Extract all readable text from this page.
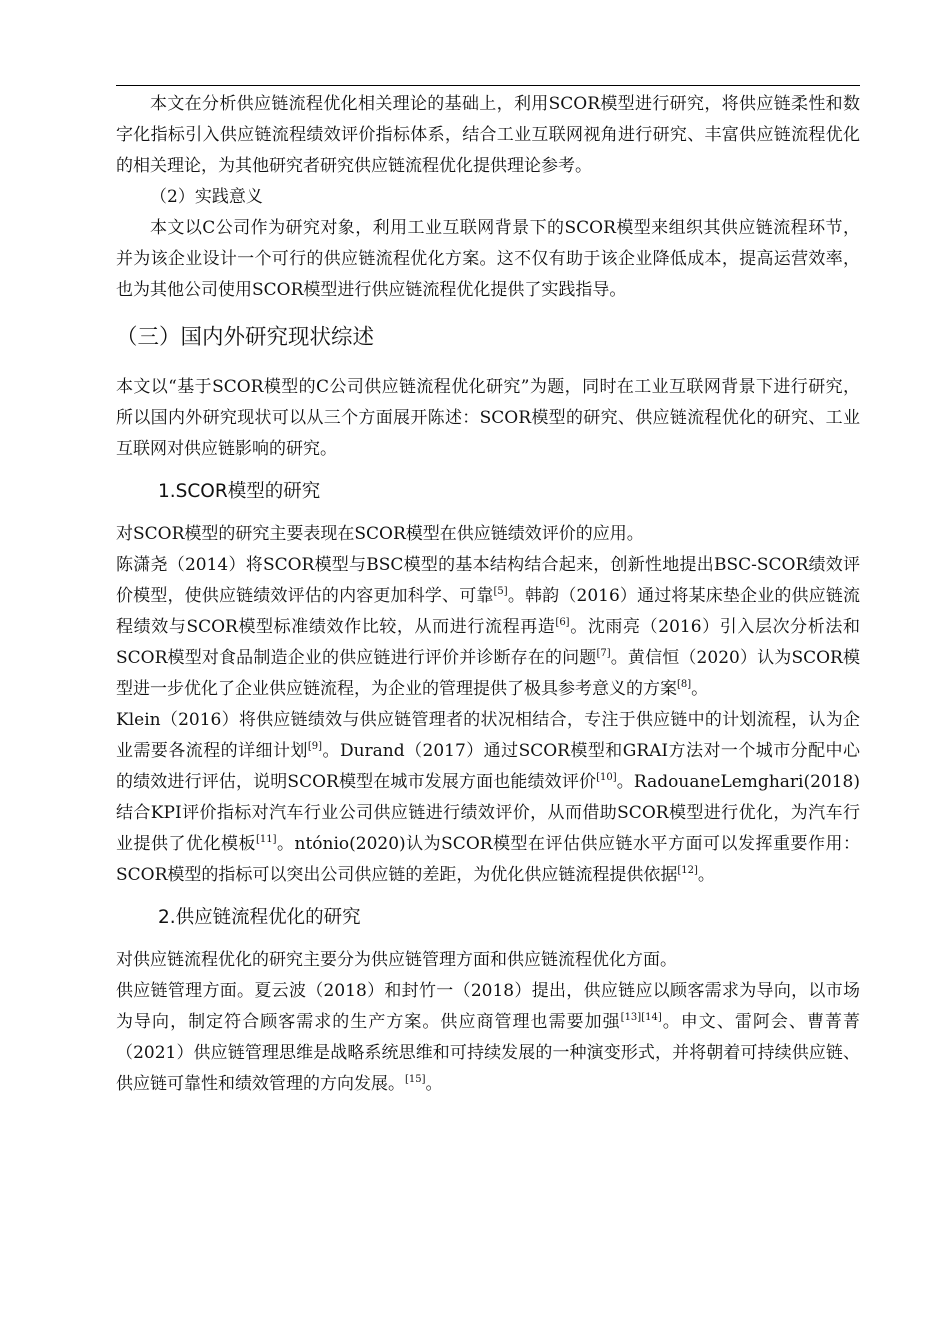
本文在分析供应链流程优化相关理论的基础上，利用SCOR模型进行研究，将供应链柔性和数字化指标引入供应链流程绩效评价指标体系，结合工业互联网视角进行研究、丰富供应链流程优化的相关理论，为其他研究者研究供应链流程优化提供理论参考。

（2）实践意义

本文以C公司作为研究对象，利用工业互联网背景下的SCOR模型来组织其供应链流程环节，并为该企业设计一个可行的供应链流程优化方案。这不仅有助于该企业降低成本，提高运营效率，也为其他公司使用SCOR模型进行供应链流程优化提供了实践指导。

（三）国内外研究现状综述

本文以“基于SCOR模型的C公司供应链流程优化研究”为题，同时在工业互联网背景下进行研究，所以国内外研究现状可以从三个方面展开陈述：SCOR模型的研究、供应链流程优化的研究、工业互联网对供应链影响的研究。

1.SCOR模型的研究

对SCOR模型的研究主要表现在SCOR模型在供应链绩效评价的应用。

陈潇尧（2014）将SCOR模型与BSC模型的基本结构结合起来，创新性地提出BSC-SCOR绩效评价模型，使供应链绩效评估的内容更加科学、可靠[5]。韩韵（2016）通过将某床垫企业的供应链流程绩效与SCOR模型标准绩效作比较，从而进行流程再造[6]。沈雨亮（2016）引入层次分析法和SCOR模型对食品制造企业的供应链进行评价并诊断存在的问题[7]。黄信恒（2020）认为SCOR模型进一步优化了企业供应链流程，为企业的管理提供了极具参考意义的方案[8]。

Klein（2016）将供应链绩效与供应链管理者的状况相结合，专注于供应链中的计划流程，认为企业需要各流程的详细计划[9]。Durand（2017）通过SCOR模型和GRAI方法对一个城市分配中心的绩效进行评估，说明SCOR模型在城市发展方面也能绩效评价[10]。RadouaneLemghari(2018)结合KPI评价指标对汽车行业公司供应链进行绩效评价，从而借助SCOR模型进行优化，为汽车行业提供了优化模板[11]。ntónio(2020)认为SCOR模型在评估供应链水平方面可以发挥重要作用：SCOR模型的指标可以突出公司供应链的差距，为优化供应链流程提供依据[12]。

2.供应链流程优化的研究

对供应链流程优化的研究主要分为供应链管理方面和供应链流程优化方面。

供应链管理方面。夏云波（2018）和封竹一（2018）提出，供应链应以顾客需求为导向，以市场为导向，制定符合顾客需求的生产方案。供应商管理也需要加强[13][14]。申文、雷阿会、曹菁菁（2021）供应链管理思维是战略系统思维和可持续发展的一种演变形式，并将朝着可持续供应链、供应链可靠性和绩效管理的方向发展。[15]。
